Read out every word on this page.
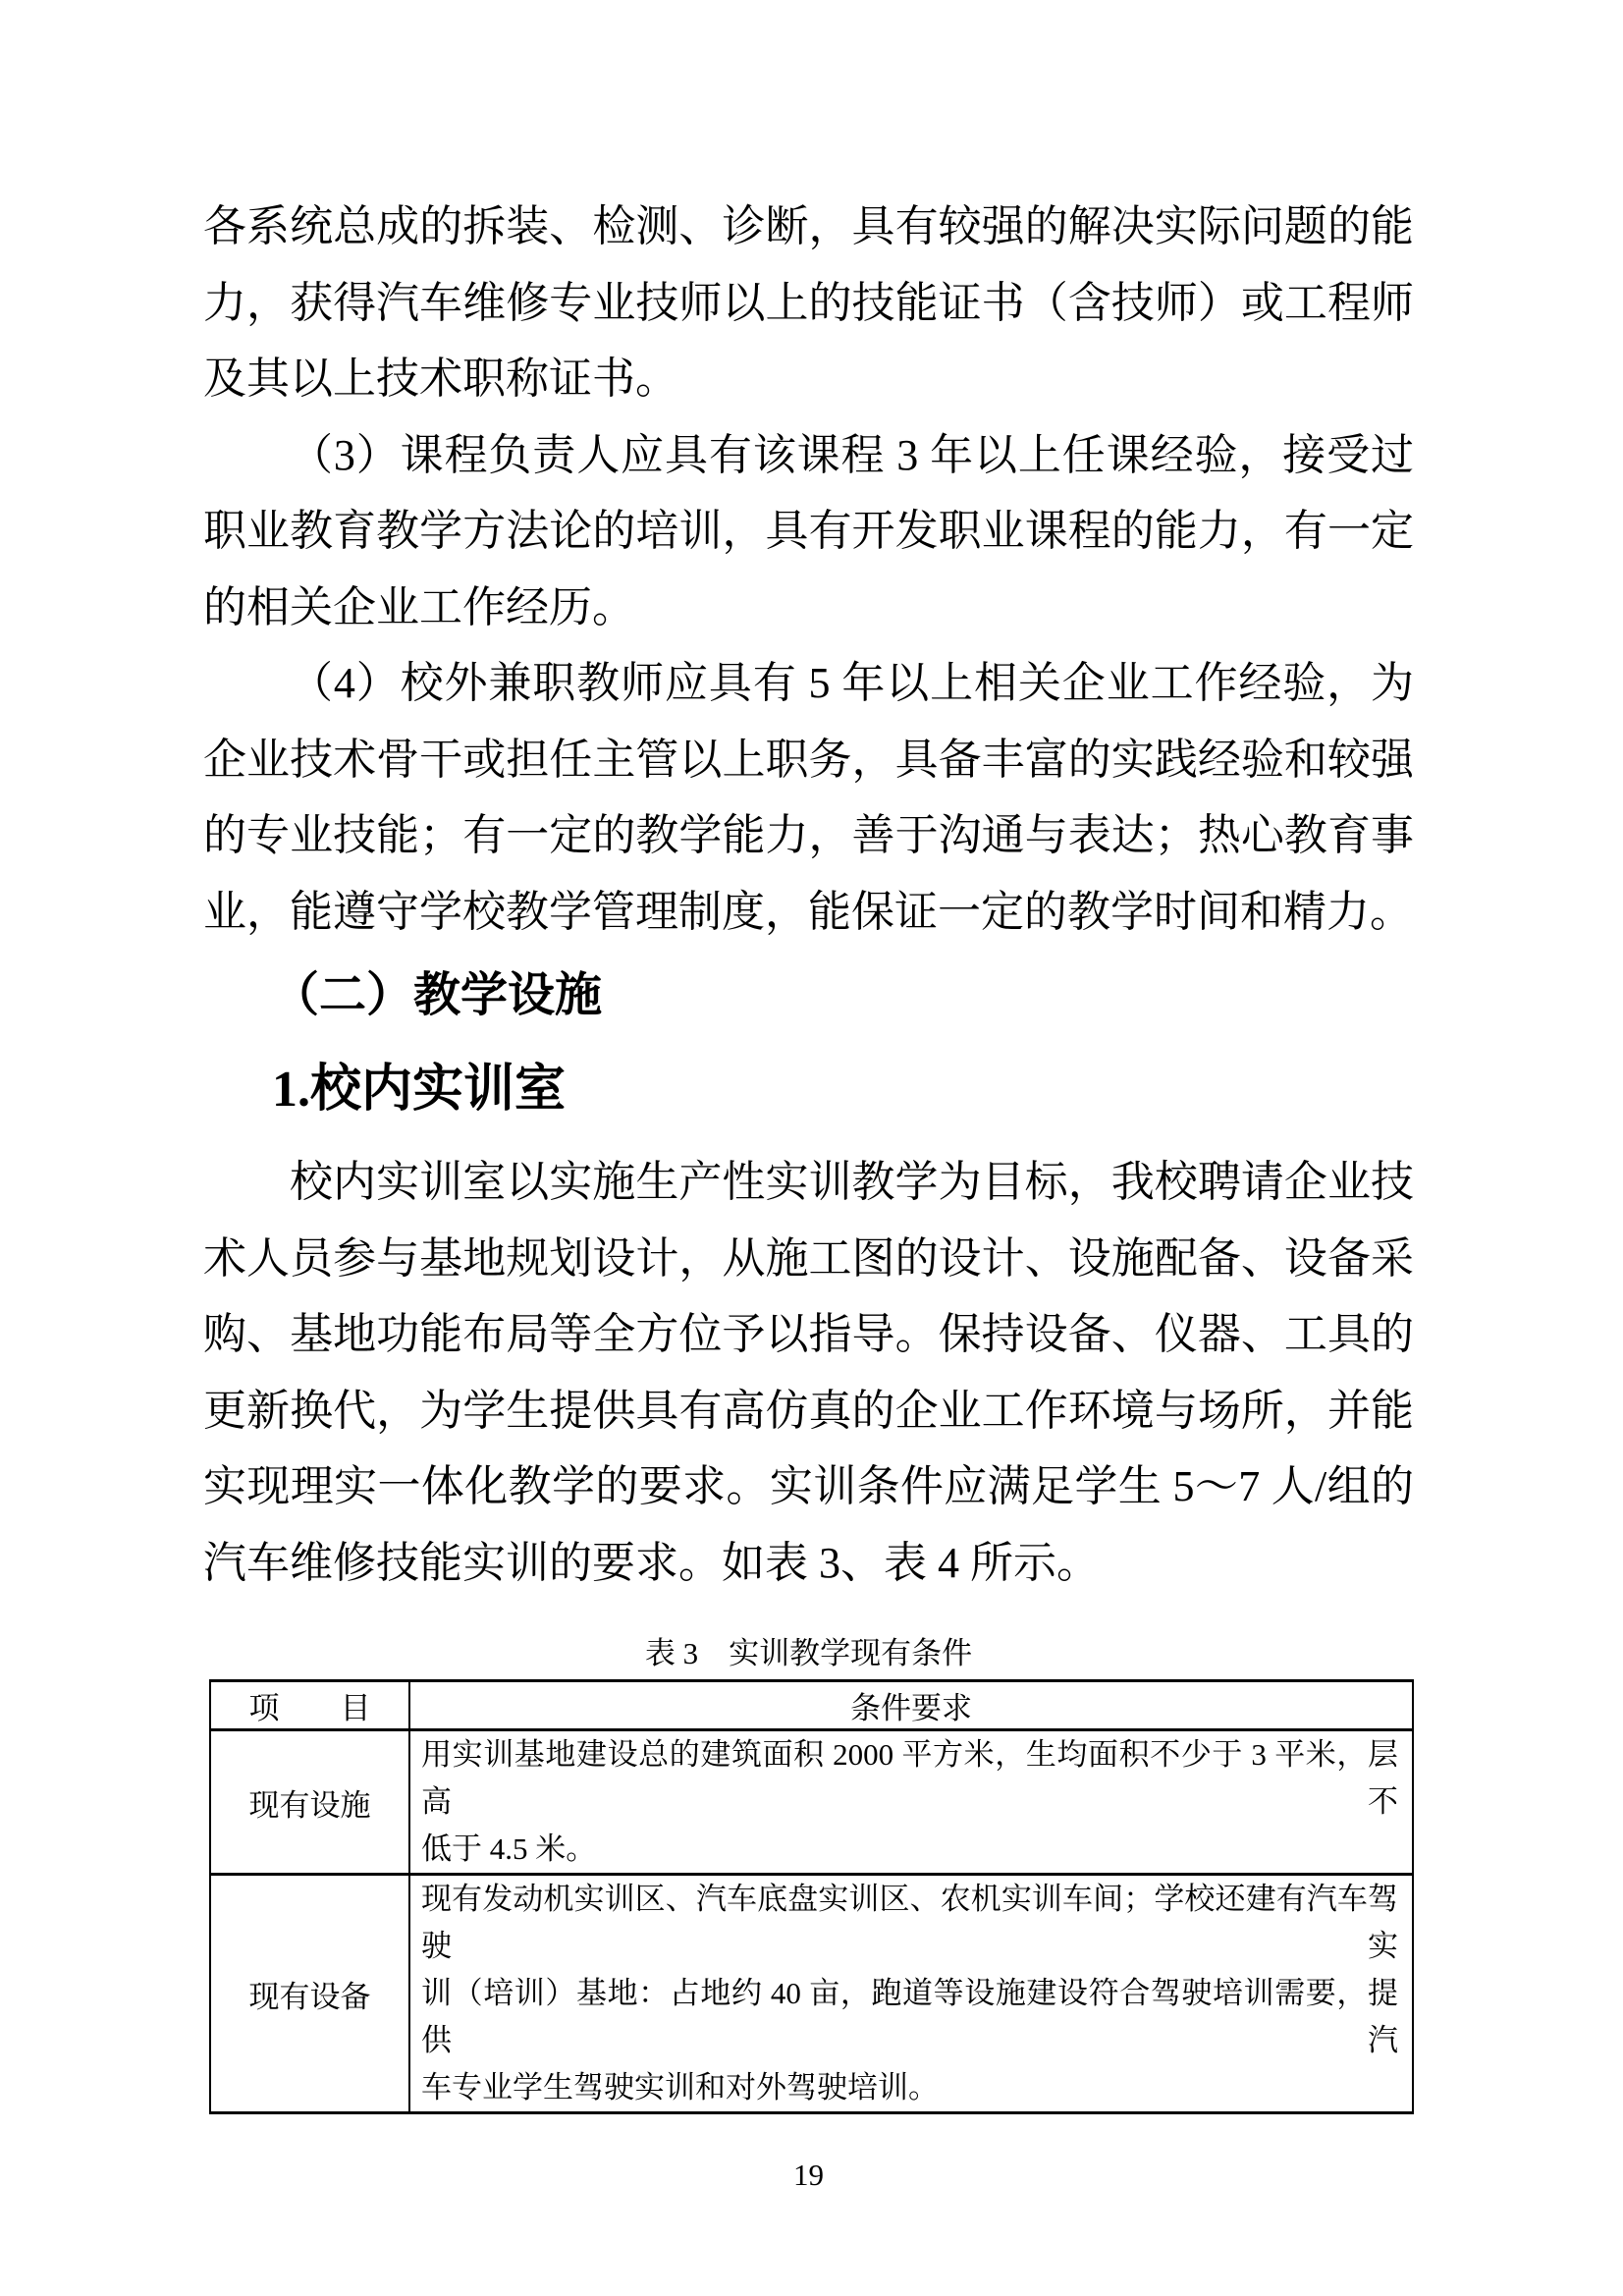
各系统总成的拆装、检测、诊断，具有较强的解决实际问题的能
力，获得汽车维修专业技师以上的技能证书（含技师）或工程师
及其以上技术职称证书。
（3）课程负责人应具有该课程 3 年以上任课经验，接受过
职业教育教学方法论的培训，具有开发职业课程的能力，有一定
的相关企业工作经历。
（4）校外兼职教师应具有 5 年以上相关企业工作经验，为
企业技术骨干或担任主管以上职务，具备丰富的实践经验和较强
的专业技能；有一定的教学能力，善于沟通与表达；热心教育事
业，能遵守学校教学管理制度，能保证一定的教学时间和精力。
（二）教学设施
1.校内实训室
校内实训室以实施生产性实训教学为目标，我校聘请企业技
术人员参与基地规划设计，从施工图的设计、设施配备、设备采
购、基地功能布局等全方位予以指导。保持设备、仪器、工具的
更新换代，为学生提供具有高仿真的企业工作环境与场所，并能
实现理实一体化教学的要求。实训条件应满足学生 5～7 人/组的
汽车维修技能实训的要求。如表 3、表 4 所示。
表 3　实训教学现有条件
项　　目	条件要求
现有设施	用实训基地建设总的建筑面积 2000 平方米，生均面积不少于 3 平米，层高不
低于 4.5 米。

现有设备	现有发动机实训区、汽车底盘实训区、农机实训车间；学校还建有汽车驾驶实
训（培训）基地：占地约 40 亩，跑道等设施建设符合驾驶培训需要，提供汽
车专业学生驾驶实训和对外驾驶培训。
19
